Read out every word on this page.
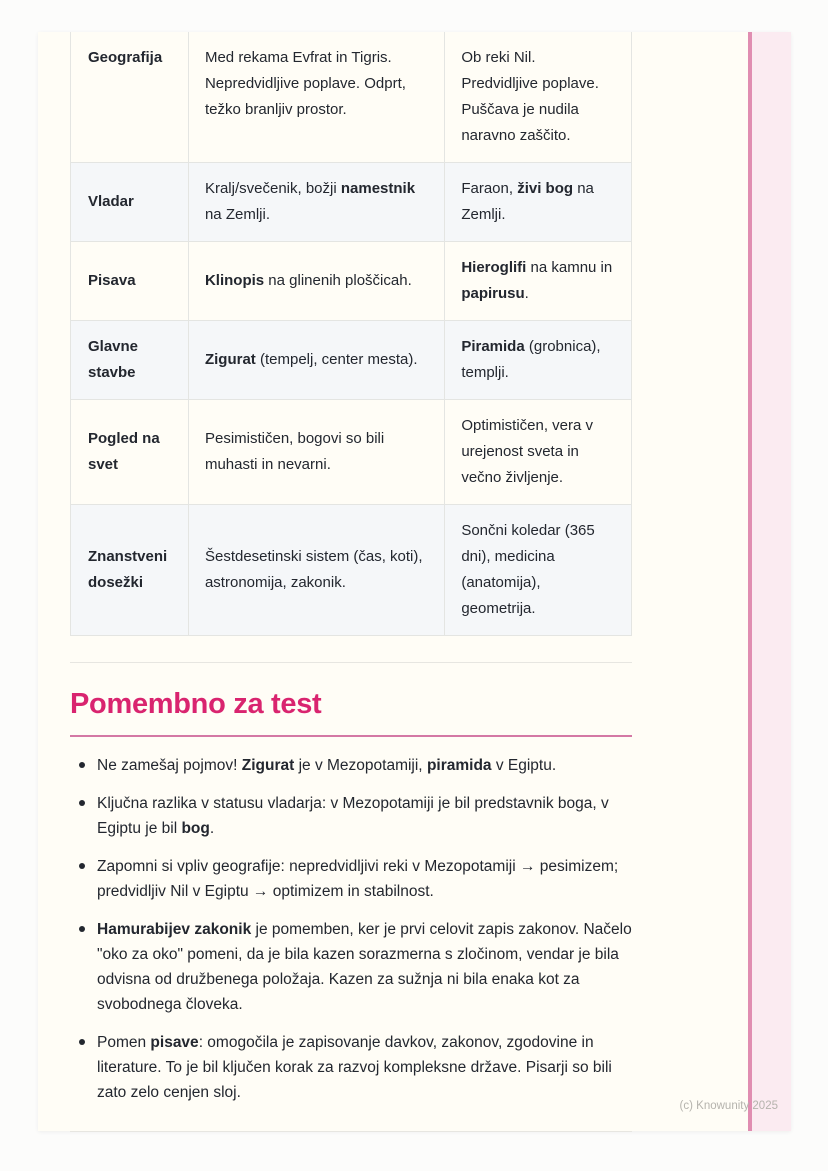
Geografija	Med rekama Evfrat in Tigris. Nepredvidljive poplave. Odprt, težko branljiv prostor.	Ob reki Nil. Predvidljive poplave. Puščava je nudila naravno zaščito.
Vladar	Kralj/svečenik, božji namestnik na Zemlji.	Faraon, živi bog na Zemlji.
Pisava	Klinopis na glinenih ploščicah.	Hieroglifi na kamnu in papirusu.
Glavne stavbe	Zigurat (tempelj, center mesta).	Piramida (grobnica), templji.
Pogled na svet	Pesimističen, bogovi so bili muhasti in nevarni.	Optimističen, vera v urejenost sveta in večno življenje.
Znanstveni dosežki	Šestdesetinski sistem (čas, koti), astronomija, zakonik.	Sončni koledar (365 dni), medicina (anatomija), geometrija.
Pomembno za test
Ne zamešaj pojmov! Zigurat je v Mezopotamiji, piramida v Egiptu.
Ključna razlika v statusu vladarja: v Mezopotamiji je bil predstavnik boga, v Egiptu je bil bog.
Zapomni si vpliv geografije: nepredvidljivi reki v Mezopotamiji → pesimizem; predvidljiv Nil v Egiptu → optimizem in stabilnost.
Hamurabijev zakonik je pomemben, ker je prvi celovit zapis zakonov. Načelo "oko za oko" pomeni, da je bila kazen sorazmerna s zločinom, vendar je bila odvisna od družbenega položaja. Kazen za sužnja ni bila enaka kot za svobodnega človeka.
Pomen pisave: omogočila je zapisovanje davkov, zakonov, zgodovine in literature. To je bil ključen korak za razvoj kompleksne države. Pisarji so bili zato zelo cenjen sloj.
(c) Knowunity 2025
